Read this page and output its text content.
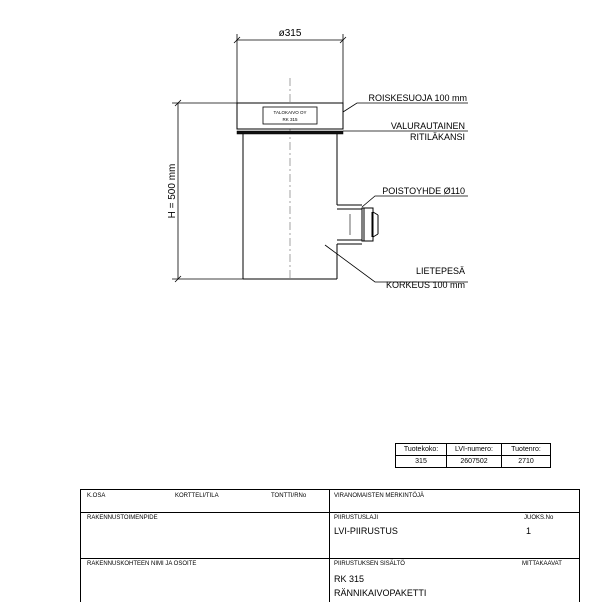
ø315
TALOKAIVO OY
RK 315
H = 500 mm
ROISKESUOJA 100 mm
VALURAUTAINEN
RITILÄKANSI
POISTOYHDE Ø110
LIETEPESÄ
KORKEUS 100 mm
Tuotekoko:	LVI-numero:	Tuotenro:
315	2607502	2710
K.OSA	KORTTELI/TILA	TONTTI/RNo	VIRANOMAISTEN MERKINTÖJÄ
RAKENNUSTOIMENPIDE	PIIRUSTUSLAJI	JUOKS.No
LVI-PIIRUSTUS	1
RAKENNUSKOHTEEN NIMI JA OSOITE	PIIRUSTUKSEN SISÄLTÖ	MITTAKAAVAT
RK 315
RÄNNIKAIVOPAKETTI
